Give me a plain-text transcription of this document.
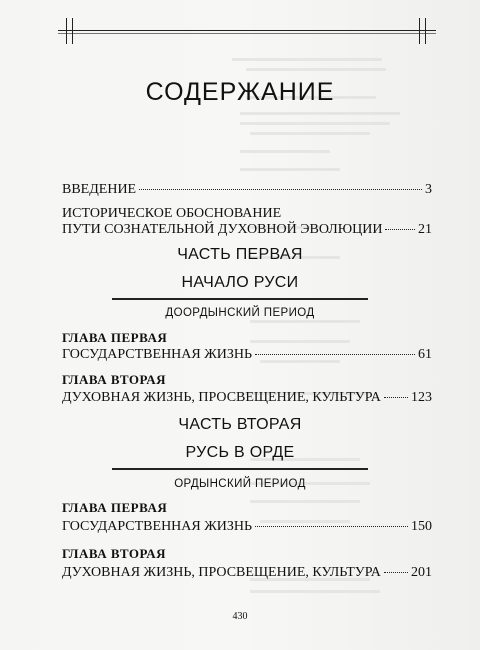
СОДЕРЖАНИЕ
ВВЕДЕНИЕ	3
ИСТОРИЧЕСКОЕ ОБОСНОВАНИЕ
ПУТИ СОЗНАТЕЛЬНОЙ ДУХОВНОЙ ЭВОЛЮЦИИ	21
ЧАСТЬ ПЕРВАЯ
НАЧАЛО РУСИ
ДООРДЫНСКИЙ ПЕРИОД
ГЛАВА ПЕРВАЯ
ГОСУДАРСТВЕННАЯ ЖИЗНЬ	61
ГЛАВА ВТОРАЯ
ДУХОВНАЯ ЖИЗНЬ, ПРОСВЕЩЕНИЕ, КУЛЬТУРА 123
ЧАСТЬ ВТОРАЯ
РУСЬ В ОРДЕ
ОРДЫНСКИЙ ПЕРИОД
ГЛАВА ПЕРВАЯ
ГОСУДАРСТВЕННАЯ ЖИЗНЬ	150
ГЛАВА ВТОРАЯ
ДУХОВНАЯ ЖИЗНЬ, ПРОСВЕЩЕНИЕ, КУЛЬТУРА 201
430
